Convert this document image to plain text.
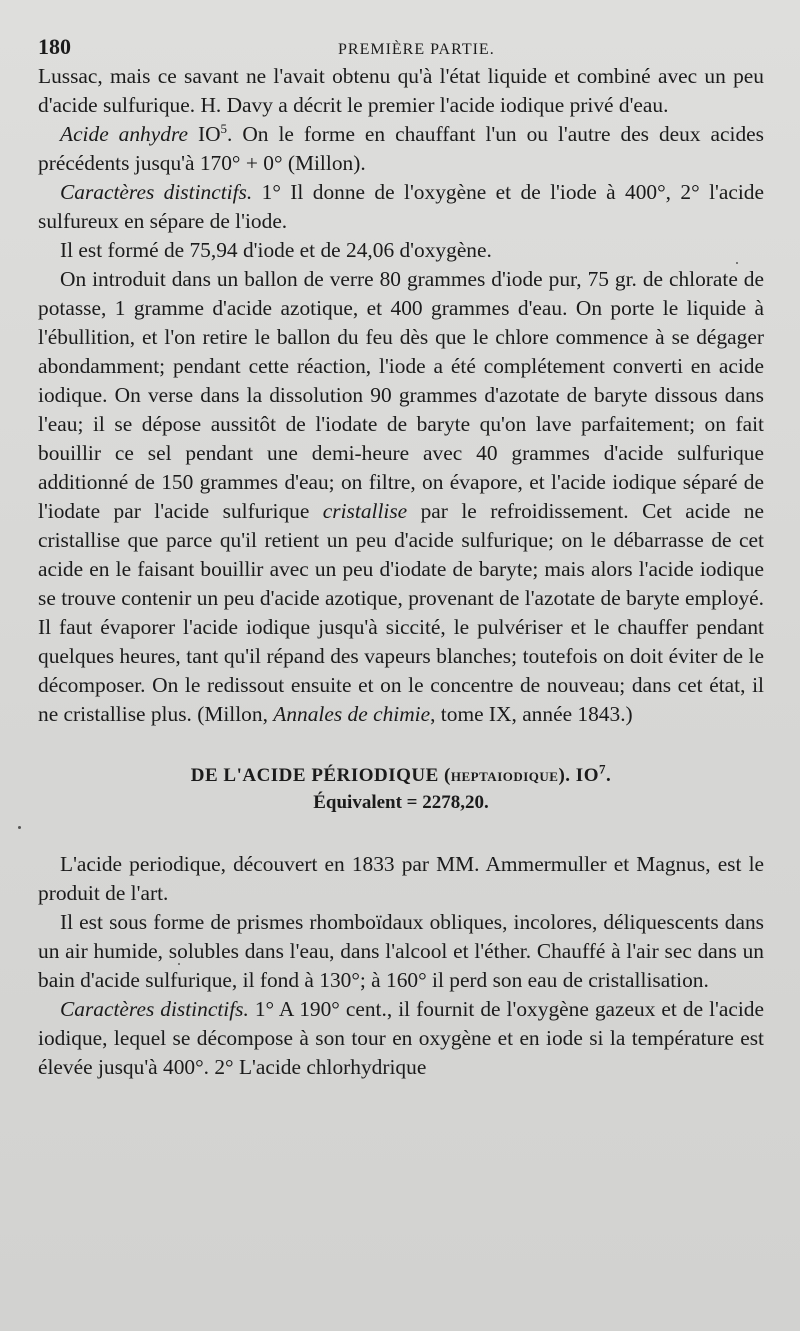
180	PREMIÈRE PARTIE.

Lussac, mais ce savant ne l'avait obtenu qu'à l'état liquide et combiné avec un peu d'acide sulfurique. H. Davy a décrit le premier l'acide iodique privé d'eau.

Acide anhydre $IO^5$. On le forme en chauffant l'un ou l'autre des deux acides précédents jusqu'à 170° + 0° (Millon).

Caractères distinctifs. 1° Il donne de l'oxygène et de l'iode à 400°, 2° l'acide sulfureux en sépare de l'iode.

Il est formé de 75,94 d'iode et de 24,06 d'oxygène.

On introduit dans un ballon de verre 80 grammes d'iode pur, 75 gr. de chlorate de potasse, 1 gramme d'acide azotique, et 400 grammes d'eau. On porte le liquide à l'ébullition, et l'on retire le ballon du feu dès que le chlore commence à se dégager abondamment; pendant cette réaction, l'iode a été complétement converti en acide iodique. On verse dans la dissolution 90 grammes d'azotate de baryte dissous dans l'eau; il se dépose aussitôt de l'iodate de baryte qu'on lave parfaitement; on fait bouillir ce sel pendant une demi-heure avec 40 grammes d'acide sulfurique additionné de 150 grammes d'eau; on filtre, on évapore, et l'acide iodique séparé de l'iodate par l'acide sulfurique cristallise par le refroidissement. Cet acide ne cristallise que parce qu'il retient un peu d'acide sulfurique; on le débarrasse de cet acide en le faisant bouillir avec un peu d'iodate de baryte; mais alors l'acide iodique se trouve contenir un peu d'acide azotique, provenant de l'azotate de baryte employé. Il faut évaporer l'acide iodique jusqu'à siccité, le pulvériser et le chauffer pendant quelques heures, tant qu'il répand des vapeurs blanches; toutefois on doit éviter de le décomposer. On le redissout ensuite et on le concentre de nouveau; dans cet état, il ne cristallise plus. (Millon, Annales de chimie, tome IX, année 1843.)

DE L'ACIDE PÉRIODIQUE (HEPTAIODIQUE). $IO^7$.
Équivalent = 2278,20.

L'acide periodique, découvert en 1833 par MM. Ammermuller et Magnus, est le produit de l'art.

Il est sous forme de prismes rhomboïdaux obliques, incolores, déliquescents dans un air humide, solubles dans l'eau, dans l'alcool et l'éther. Chauffé à l'air sec dans un bain d'acide sulfurique, il fond à 130°; à 160° il perd son eau de cristallisation.

Caractères distinctifs. 1° A 190° cent., il fournit de l'oxygène gazeux et de l'acide iodique, lequel se décompose à son tour en oxygène et en iode si la température est élevée jusqu'à 400°. 2° L'acide chlorhydrique
